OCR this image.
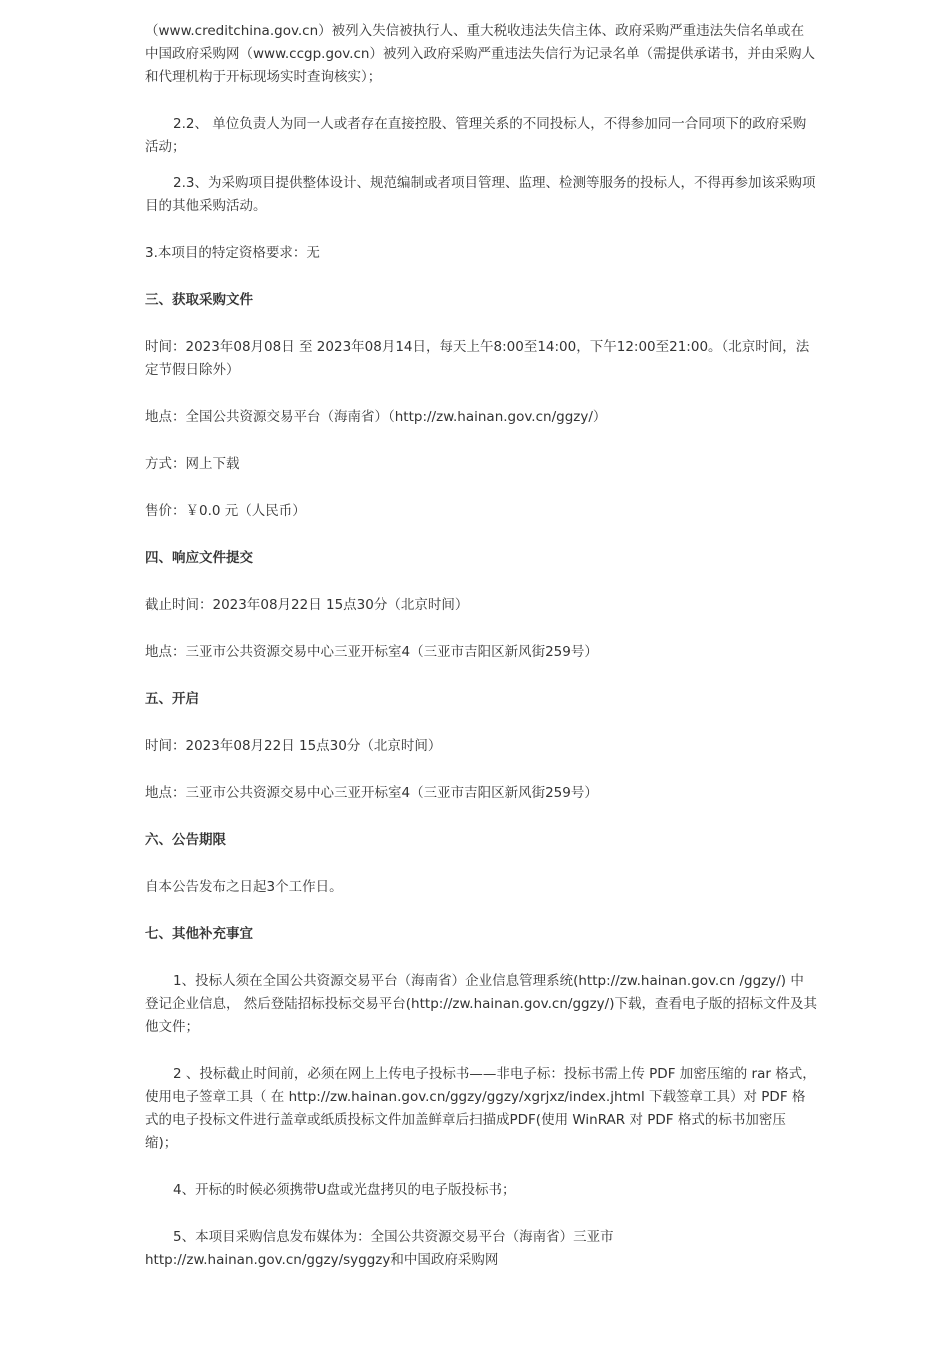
（www.creditchina.gov.cn）被列入失信被执行人、重大税收违法失信主体、政府采购严重违法失信名单或在中国政府采购网（www.ccgp.gov.cn）被列入政府采购严重违法失信行为记录名单（需提供承诺书，并由采购人和代理机构于开标现场实时查询核实）；

2.2、 单位负责人为同一人或者存在直接控股、管理关系的不同投标人，不得参加同一合同项下的政府采购活动；

2.3、为采购项目提供整体设计、规范编制或者项目管理、监理、检测等服务的投标人，不得再参加该采购项目的其他采购活动。

3.本项目的特定资格要求：无

三、获取采购文件

时间：2023年08月08日 至 2023年08月14日，每天上午8:00至14:00，下午12:00至21:00。（北京时间，法定节假日除外）

地点：全国公共资源交易平台（海南省）（http://zw.hainan.gov.cn/ggzy/）

方式：网上下载

售价：￥0.0 元（人民币）

四、响应文件提交

截止时间：2023年08月22日 15点30分（北京时间）

地点：三亚市公共资源交易中心三亚开标室4（三亚市吉阳区新风街259号）

五、开启

时间：2023年08月22日 15点30分（北京时间）

地点：三亚市公共资源交易中心三亚开标室4（三亚市吉阳区新风街259号）

六、公告期限

自本公告发布之日起3个工作日。

七、其他补充事宜

1、投标人须在全国公共资源交易平台（海南省）企业信息管理系统(http://zw.hainan.gov.cn /ggzy/) 中登记企业信息， 然后登陆招标投标交易平台(http://zw.hainan.gov.cn/ggzy/)下载，查看电子版的招标文件及其他文件；

2 、投标截止时间前，必须在网上上传电子投标书——非电子标：投标书需上传 PDF 加密压缩的 rar 格式，使用电子签章工具（ 在 http://zw.hainan.gov.cn/ggzy/ggzy/xgrjxz/index.jhtml 下载签章工具）对 PDF 格式的电子投标文件进行盖章或纸质投标文件加盖鲜章后扫描成PDF(使用 WinRAR 对 PDF 格式的标书加密压缩)；

4、开标的时候必须携带U盘或光盘拷贝的电子版投标书；

5、本项目采购信息发布媒体为：全国公共资源交易平台（海南省）三亚市

http://zw.hainan.gov.cn/ggzy/syggzy和中国政府采购网
